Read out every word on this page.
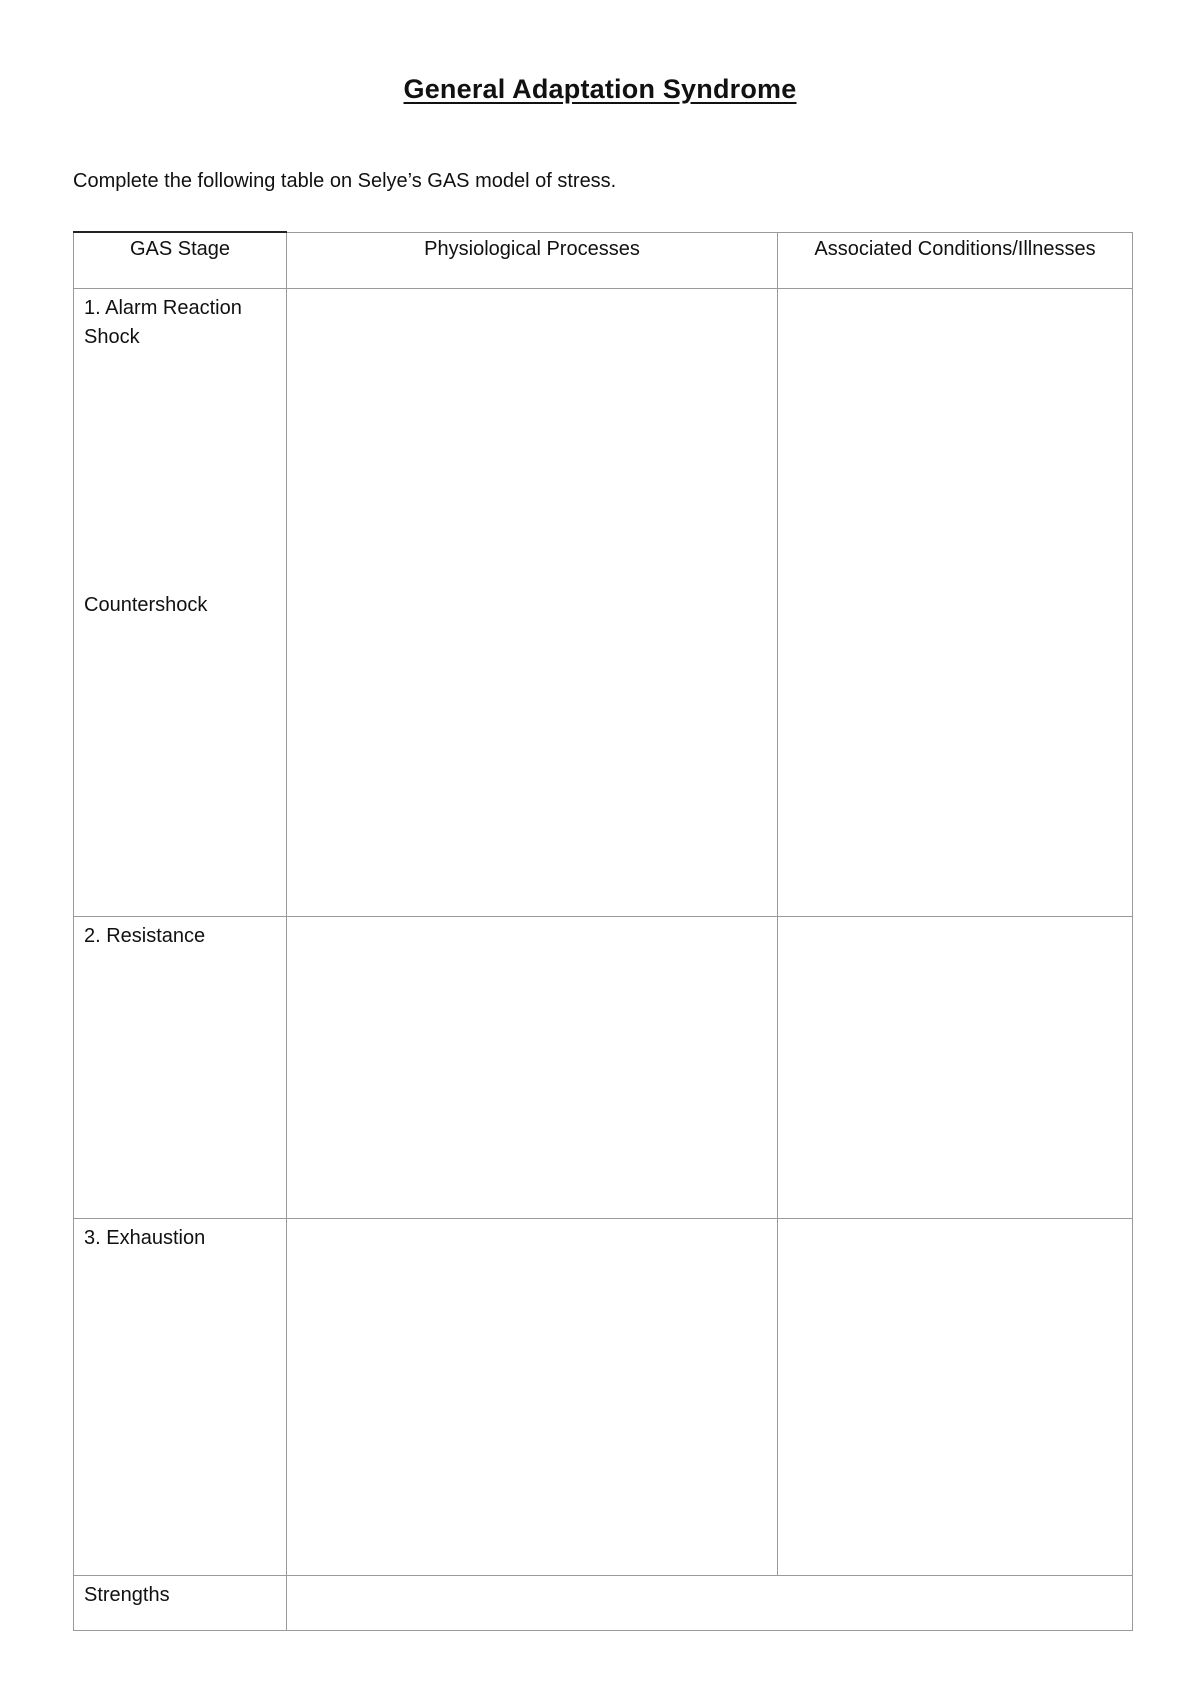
General Adaptation Syndrome
Complete the following table on Selye’s GAS model of stress.
GAS Stage	Physiological Processes	Associated Conditions/Illnesses

1. Alarm Reaction
Shock
Countershock		

2. Resistance		

3. Exhaustion		

Strengths		
